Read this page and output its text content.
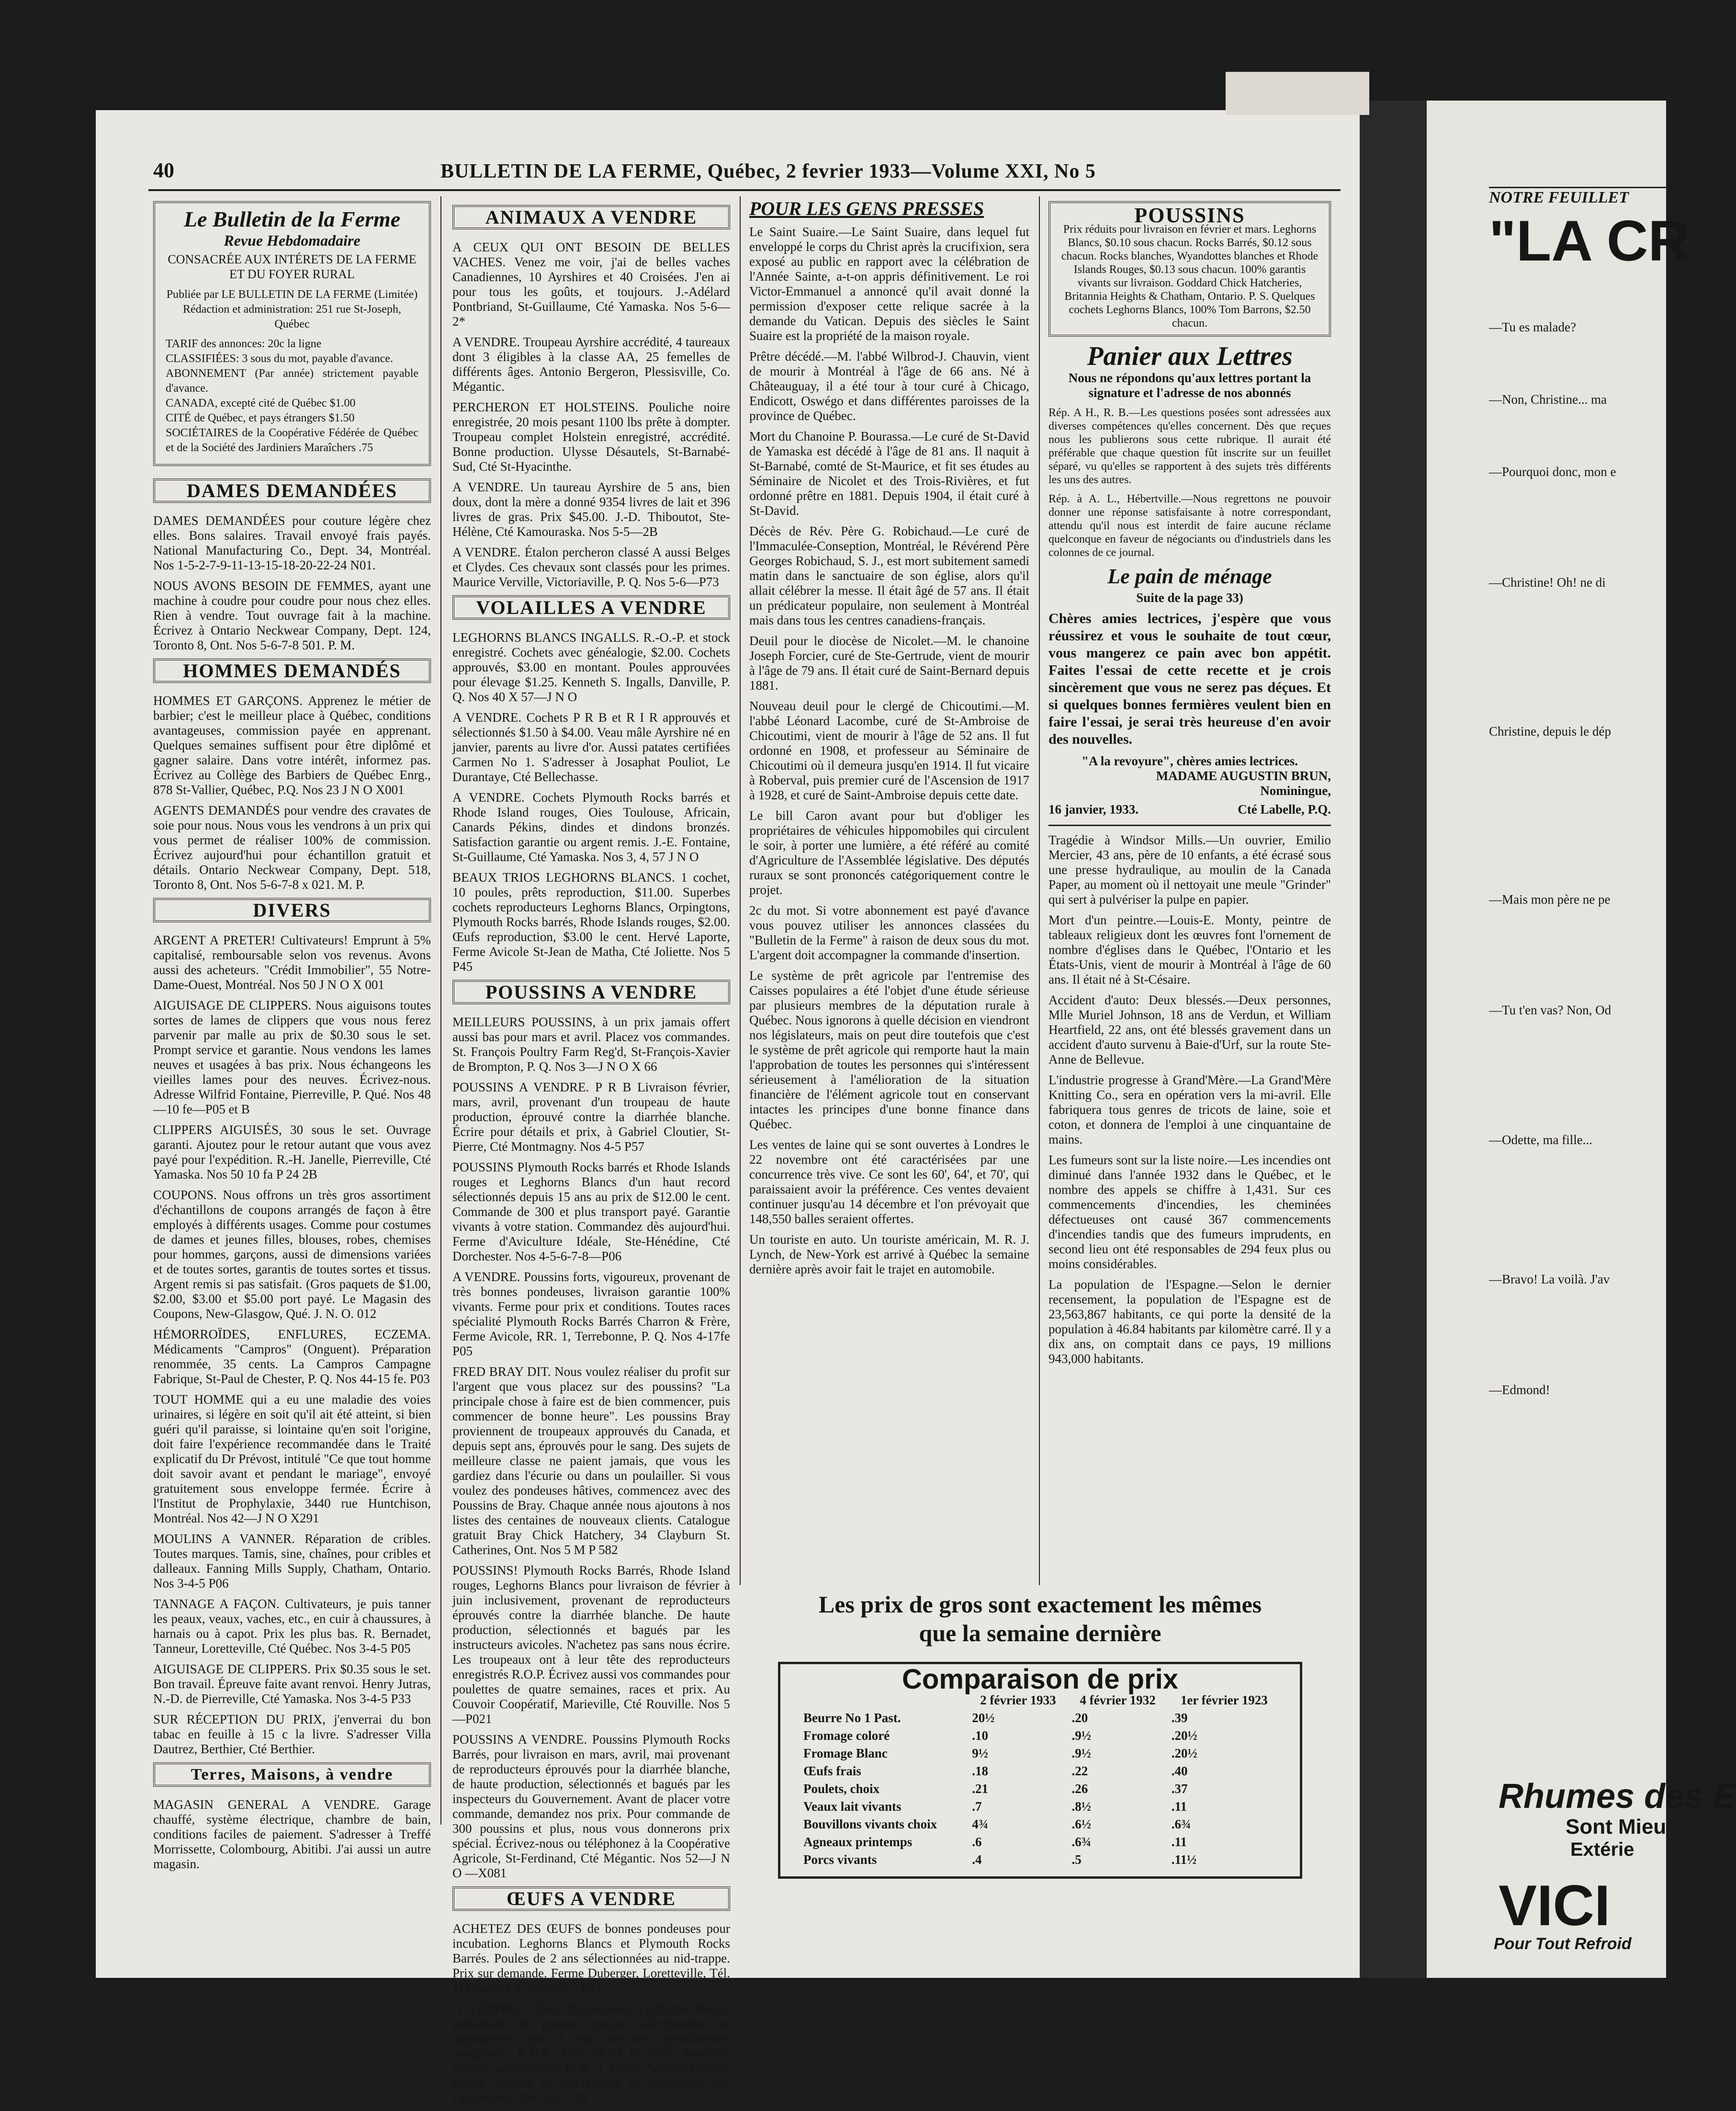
40	BULLETIN DE LA FERME, Québec, 2 fevrier 1933—Volume XXI, No 5
Le Bulletin de la Ferme
Revue Hebdomadaire
CONSACRÉE AUX INTÉRETS DE LA FERME ET DU FOYER RURAL
Publiée par LE BULLETIN DE LA FERME (Limitée) Rédaction et administration: 251 rue St-Joseph, Québec
TARIF des annonces: 20c la ligne
CLASSIFIÉES: 3 sous du mot, payable d'avance.
ABONNEMENT (Par année) strictement payable d'avance.
CANADA, excepté cité de Québec $1.00
CITÉ de Québec, et pays étrangers $1.50
SOCIÉTAIRES de la Coopérative Fédérée de Québec et de la Société des Jardiniers Maraîchers .75
DAMES DEMANDÉES

DAMES DEMANDÉES pour couture légère chez elles. Bons salaires. Travail envoyé frais payés. National Manufacturing Co., Dept. 34, Montréal. Nos 1-5-2-7-9-11-13-15-18-20-22-24 N01.

NOUS AVONS BESOIN DE FEMMES, ayant une machine à coudre pour coudre pour nous chez elles. Rien à vendre. Tout ouvrage fait à la machine. Écrivez à Ontario Neckwear Company, Dept. 124, Toronto 8, Ont. Nos 5-6-7-8 501. P. M.

HOMMES DEMANDÉS

HOMMES ET GARÇONS. Apprenez le métier de barbier; c'est le meilleur place à Québec, conditions avantageuses, commission payée en apprenant. Quelques semaines suffisent pour être diplômé et gagner salaire. Dans votre intérêt, informez pas. Écrivez au Collège des Barbiers de Québec Enrg., 878 St-Vallier, Québec, P.Q. Nos 23 J N O X001

AGENTS DEMANDÉS pour vendre des cravates de soie pour nous. Nous vous les vendrons à un prix qui vous permet de réaliser 100% de commission. Écrivez aujourd'hui pour échantillon gratuit et détails. Ontario Neckwear Company, Dept. 518, Toronto 8, Ont. Nos 5-6-7-8 x 021. M. P.

DIVERS

ARGENT A PRETER! Cultivateurs! Emprunt à 5% capitalisé, remboursable selon vos revenus. Avons aussi des acheteurs. "Crédit Immobilier", 55 Notre-Dame-Ouest, Montréal. Nos 50 J N O X 001

AIGUISAGE DE CLIPPERS. Nous aiguisons toutes sortes de lames de clippers que vous nous ferez parvenir par malle au prix de $0.30 sous le set. Prompt service et garantie. Nous vendons les lames neuves et usagées à bas prix. Nous échangeons les vieilles lames pour des neuves. Écrivez-nous. Adresse Wilfrid Fontaine, Pierreville, P. Qué. Nos 48—10 fe—P05 et B

CLIPPERS AIGUISÉS, 30 sous le set. Ouvrage garanti. Ajoutez pour le retour autant que vous avez payé pour l'expédition. R.-H. Janelle, Pierreville, Cté Yamaska. Nos 50 10 fa P 24 2B

COUPONS. Nous offrons un très gros assortiment d'échantillons de coupons arrangés de façon à être employés à différents usages. Comme pour costumes de dames et jeunes filles, blouses, robes, chemises pour hommes, garçons, aussi de dimensions variées et de toutes sortes, garantis de toutes sortes et tissus. Argent remis si pas satisfait. (Gros paquets de $1.00, $2.00, $3.00 et $5.00 port payé. Le Magasin des Coupons, New-Glasgow, Qué. J. N. O. 012

HÉMORROÏDES, ENFLURES, ECZEMA. Médicaments "Campros" (Onguent). Préparation renommée, 35 cents. La Campros Campagne Fabrique, St-Paul de Chester, P. Q. Nos 44-15 fe. P03

TOUT HOMME qui a eu une maladie des voies urinaires, si légère en soit qu'il ait été atteint, si bien guéri qu'il paraisse, si lointaine qu'en soit l'origine, doit faire l'expérience recommandée dans le Traité explicatif du Dr Prévost, intitulé "Ce que tout homme doit savoir avant et pendant le mariage", envoyé gratuitement sous enveloppe fermée. Écrire à l'Institut de Prophylaxie, 3440 rue Huntchison, Montréal. Nos 42—J N O X291

MOULINS A VANNER. Réparation de cribles. Toutes marques. Tamis, sine, chaînes, pour cribles et dalleaux. Fanning Mills Supply, Chatham, Ontario. Nos 3-4-5 P06

TANNAGE A FAÇON. Cultivateurs, je puis tanner les peaux, veaux, vaches, etc., en cuir à chaussures, à harnais ou à capot. Prix les plus bas. R. Bernadet, Tanneur, Loretteville, Cté Québec. Nos 3-4-5 P05

AIGUISAGE DE CLIPPERS. Prix $0.35 sous le set. Bon travail. Épreuve faite avant renvoi. Henry Jutras, N.-D. de Pierreville, Cté Yamaska. Nos 3-4-5 P33

SUR RÉCEPTION DU PRIX, j'enverrai du bon tabac en feuille à 15 c la livre. S'adresser Villa Dautrez, Berthier, Cté Berthier.

Terres, Maisons, à vendre

MAGASIN GENERAL A VENDRE. Garage chauffé, système électrique, chambre de bain, conditions faciles de paiement. S'adresser à Treffé Morrissette, Colombourg, Abitibi. J'ai aussi un autre magasin.

ANIMAUX A VENDRE

A CEUX QUI ONT BESOIN DE BELLES VACHES. Venez me voir, j'ai de belles vaches Canadiennes, 10 Ayrshires et 40 Croisées. J'en ai pour tous les goûts, et toujours. J.-Adélard Pontbriand, St-Guillaume, Cté Yamaska. Nos 5-6—2*

A VENDRE. Troupeau Ayrshire accrédité, 4 taureaux dont 3 éligibles à la classe AA, 25 femelles de différents âges. Antonio Bergeron, Plessisville, Co. Mégantic.

PERCHERON ET HOLSTEINS. Pouliche noire enregistrée, 20 mois pesant 1100 lbs prête à dompter. Troupeau complet Holstein enregistré, accrédité. Bonne production. Ulysse Désautels, St-Barnabé-Sud, Cté St-Hyacinthe.

A VENDRE. Un taureau Ayrshire de 5 ans, bien doux, dont la mère a donné 9354 livres de lait et 396 livres de gras. Prix $45.00. J.-D. Thiboutot, Ste-Hélène, Cté Kamouraska. Nos 5-5—2B

A VENDRE. Étalon percheron classé A aussi Belges et Clydes. Ces chevaux sont classés pour les primes. Maurice Verville, Victoriaville, P. Q. Nos 5-6—P73

VOLAILLES A VENDRE

LEGHORNS BLANCS INGALLS. R.-O.-P. et stock enregistré. Cochets avec généalogie, $2.00. Cochets approuvés, $3.00 en montant. Poules approuvées pour élevage $1.25. Kenneth S. Ingalls, Danville, P. Q. Nos 40 X 57—J N O

A VENDRE. Cochets P R B et R I R approuvés et sélectionnés $1.50 à $4.00. Veau mâle Ayrshire né en janvier, parents au livre d'or. Aussi patates certifiées Carmen No 1. S'adresser à Josaphat Pouliot, Le Durantaye, Cté Bellechasse.

A VENDRE. Cochets Plymouth Rocks barrés et Rhode Island rouges, Oies Toulouse, Africain, Canards Pékins, dindes et dindons bronzés. Satisfaction garantie ou argent remis. J.-E. Fontaine, St-Guillaume, Cté Yamaska. Nos 3, 4, 57 J N O

BEAUX TRIOS LEGHORNS BLANCS. 1 cochet, 10 poules, prêts reproduction, $11.00. Superbes cochets reproducteurs Leghorns Blancs, Orpingtons, Plymouth Rocks barrés, Rhode Islands rouges, $2.00. Œufs reproduction, $3.00 le cent. Hervé Laporte, Ferme Avicole St-Jean de Matha, Cté Joliette. Nos 5 P45

POUSSINS A VENDRE

MEILLEURS POUSSINS, à un prix jamais offert aussi bas pour mars et avril. Placez vos commandes. St. François Poultry Farm Reg'd, St-François-Xavier de Brompton, P. Q. Nos 3—J N O X 66

POUSSINS A VENDRE. P R B Livraison février, mars, avril, provenant d'un troupeau de haute production, éprouvé contre la diarrhée blanche. Écrire pour détails et prix, à Gabriel Cloutier, St-Pierre, Cté Montmagny. Nos 4-5 P57

POUSSINS Plymouth Rocks barrés et Rhode Islands rouges et Leghorns Blancs d'un haut record sélectionnés depuis 15 ans au prix de $12.00 le cent. Commande de 300 et plus transport payé. Garantie vivants à votre station. Commandez dès aujourd'hui. Ferme d'Aviculture Idéale, Ste-Hénédine, Cté Dorchester. Nos 4-5-6-7-8—P06

A VENDRE. Poussins forts, vigoureux, provenant de très bonnes pondeuses, livraison garantie 100% vivants. Ferme pour prix et conditions. Toutes races spécialité Plymouth Rocks Barrés Charron & Frère, Ferme Avicole, RR. 1, Terrebonne, P. Q. Nos 4-17fe P05

FRED BRAY DIT. Nous voulez réaliser du profit sur l'argent que vous placez sur des poussins? "La principale chose à faire est de bien commencer, puis commencer de bonne heure". Les poussins Bray proviennent de troupeaux approuvés du Canada, et depuis sept ans, éprouvés pour le sang. Des sujets de meilleure classe ne paient jamais, que vous les gardiez dans l'écurie ou dans un poulailler. Si vous voulez des pondeuses hâtives, commencez avec des Poussins de Bray. Chaque année nous ajoutons à nos listes des centaines de nouveaux clients. Catalogue gratuit Bray Chick Hatchery, 34 Clayburn St. Catherines, Ont. Nos 5 M P 582

POUSSINS! Plymouth Rocks Barrés, Rhode Island rouges, Leghorns Blancs pour livraison de février à juin inclusivement, provenant de reproducteurs éprouvés contre la diarrhée blanche. De haute production, sélectionnés et bagués par les instructeurs avicoles. N'achetez pas sans nous écrire. Les troupeaux ont à leur tête des reproducteurs enregistrés R.O.P. Écrivez aussi vos commandes pour poulettes de quatre semaines, races et prix. Au Couvoir Coopératif, Marieville, Cté Rouville. Nos 5—P021

POUSSINS A VENDRE. Poussins Plymouth Rocks Barrés, pour livraison en mars, avril, mai provenant de reproducteurs éprouvés pour la diarrhée blanche, de haute production, sélectionnés et bagués par les inspecteurs du Gouvernement. Avant de placer votre commande, demandez nos prix. Pour commande de 300 poussins et plus, nous vous donnerons prix spécial. Écrivez-nous ou téléphonez à la Coopérative Agricole, St-Ferdinand, Cté Mégantic. Nos 52—J N O —X081

ŒUFS A VENDRE

ACHETEZ DES ŒUFS de bonnes pondeuses pour incubation. Leghorns Blancs et Plymouth Rocks Barrés. Poules de 2 ans sélectionnées au nid-trappe. Prix sur demande. Ferme Duberger, Loretteville, Tél. 117 sonnez 3. Nos 4-5—P05

A VENDRE. Œufs d'incubation Leghorns Blancs provenant de grosses poules sélectionnées et approuvées ayant à leur tête des reproducteurs enregistrés R.O.P. Prix $3.00 le cent. Superbes cochets sélectionnés P. R. à $2.00. Anaclet Leclair, Ferme Avicole de St-Germain de Grantham, Cté Drummond. Nos 5-6—2B

POUR LES GENS PRESSES

Le Saint Suaire.—Le Saint Suaire, dans lequel fut enveloppé le corps du Christ après la crucifixion, sera exposé au public en rapport avec la célébration de l'Année Sainte, a-t-on appris définitivement. Le roi Victor-Emmanuel a annoncé qu'il avait donné la permission d'exposer cette relique sacrée à la demande du Vatican. Depuis des siècles le Saint Suaire est la propriété de la maison royale.

Prêtre décédé.—M. l'abbé Wilbrod-J. Chauvin, vient de mourir à Montréal à l'âge de 66 ans. Né à Châteauguay, il a été tour à tour curé à Chicago, Endicott, Oswégo et dans différentes paroisses de la province de Québec.

Mort du Chanoine P. Bourassa.—Le curé de St-David de Yamaska est décédé à l'âge de 81 ans. Il naquit à St-Barnabé, comté de St-Maurice, et fit ses études au Séminaire de Nicolet et des Trois-Rivières, et fut ordonné prêtre en 1881. Depuis 1904, il était curé à St-David.

Décès de Rév. Père G. Robichaud.—Le curé de l'Immaculée-Conseption, Montréal, le Révérend Père Georges Robichaud, S. J., est mort subitement samedi matin dans le sanctuaire de son église, alors qu'il allait célébrer la messe. Il était âgé de 57 ans. Il était un prédicateur populaire, non seulement à Montréal mais dans tous les centres canadiens-français.

Deuil pour le diocèse de Nicolet.—M. le chanoine Joseph Forcier, curé de Ste-Gertrude, vient de mourir à l'âge de 79 ans. Il était curé de Saint-Bernard depuis 1881.

Nouveau deuil pour le clergé de Chicoutimi.—M. l'abbé Léonard Lacombe, curé de St-Ambroise de Chicoutimi, vient de mourir à l'âge de 52 ans. Il fut ordonné en 1908, et professeur au Séminaire de Chicoutimi où il demeura jusqu'en 1914. Il fut vicaire à Roberval, puis premier curé de l'Ascension de 1917 à 1928, et curé de Saint-Ambroise depuis cette date.

Le bill Caron avant pour but d'obliger les propriétaires de véhicules hippomobiles qui circulent le soir, à porter une lumière, a été référé au comité d'Agriculture de l'Assemblée législative. Des députés ruraux se sont prononcés catégoriquement contre le projet.

2c du mot. Si votre abonnement est payé d'avance vous pouvez utiliser les annonces classées du "Bulletin de la Ferme" à raison de deux sous du mot. L'argent doit accompagner la commande d'insertion.

Le système de prêt agricole par l'entremise des Caisses populaires a été l'objet d'une étude sérieuse par plusieurs membres de la députation rurale à Québec. Nous ignorons à quelle décision en viendront nos législateurs, mais on peut dire toutefois que c'est le système de prêt agricole qui remporte haut la main l'approbation de toutes les personnes qui s'intéressent sérieusement à l'amélioration de la situation financière de l'élément agricole tout en conservant intactes les principes d'une bonne finance dans Québec.

Les ventes de laine qui se sont ouvertes à Londres le 22 novembre ont été caractérisées par une concurrence très vive. Ce sont les 60', 64', et 70', qui paraissaient avoir la préférence. Ces ventes devaient continuer jusqu'au 14 décembre et l'on prévoyait que 148,550 balles seraient offertes.

Un touriste en auto. Un touriste américain, M. R. J. Lynch, de New-York est arrivé à Québec la semaine dernière après avoir fait le trajet en automobile.

POUSSINS
Prix réduits pour livraison en février et mars. Leghorns Blancs, $0.10 sous chacun. Rocks Barrés, $0.12 sous chacun. Rocks blanches, Wyandottes blanches et Rhode Islands Rouges, $0.13 sous chacun. 100% garantis vivants sur livraison. Goddard Chick Hatcheries, Britannia Heights & Chatham, Ontario. P. S. Quelques cochets Leghorns Blancs, 100% Tom Barrons, $2.50 chacun.
Panier aux Lettres

Nous ne répondons qu'aux lettres portant la signature et l'adresse de nos abonnés

Rép. A H., R. B.—Les questions posées sont adressées aux diverses compétences qu'elles concernent. Dès que reçues nous les publierons sous cette rubrique. Il aurait été préférable que chaque question fût inscrite sur un feuillet séparé, vu qu'elles se rapportent à des sujets très différents les uns des autres.

Rép. à A. L., Hébertville.—Nous regrettons ne pouvoir donner une réponse satisfaisante à notre correspondant, attendu qu'il nous est interdit de faire aucune réclame quelconque en faveur de négociants ou d'industriels dans les colonnes de ce journal.

Le pain de ménage
Suite de la page 33)

Chères amies lectrices, j'espère que vous réussirez et vous le souhaite de tout cœur, vous mangerez ce pain avec bon appétit. Faites l'essai de cette recette et je crois sincèrement que vous ne serez pas déçues. Et si quelques bonnes fermières veulent bien en faire l'essai, je serai très heureuse d'en avoir des nouvelles.

"A la revoyure", chères amies lectrices.

MADAME AUGUSTIN BRUN,

Nominingue,

16 janvier, 1933.	Cté Labelle, P.Q.

Tragédie à Windsor Mills.—Un ouvrier, Emilio Mercier, 43 ans, père de 10 enfants, a été écrasé sous une presse hydraulique, au moulin de la Canada Paper, au moment où il nettoyait une meule "Grinder" qui sert à pulvériser la pulpe en papier.

Mort d'un peintre.—Louis-E. Monty, peintre de tableaux religieux dont les œuvres font l'ornement de nombre d'églises dans le Québec, l'Ontario et les États-Unis, vient de mourir à Montréal à l'âge de 60 ans. Il était né à St-Césaire.

Accident d'auto: Deux blessés.—Deux personnes, Mlle Muriel Johnson, 18 ans de Verdun, et William Heartfield, 22 ans, ont été blessés gravement dans un accident d'auto survenu à Baie-d'Urf, sur la route Ste-Anne de Bellevue.

L'industrie progresse à Grand'Mère.—La Grand'Mère Knitting Co., sera en opération vers la mi-avril. Elle fabriquera tous genres de tricots de laine, soie et coton, et donnera de l'emploi à une cinquantaine de mains.

Les fumeurs sont sur la liste noire.—Les incendies ont diminué dans l'année 1932 dans le Québec, et le nombre des appels se chiffre à 1,431. Sur ces commencements d'incendies, les cheminées défectueuses ont causé 367 commencements d'incendies tandis que des fumeurs imprudents, en second lieu ont été responsables de 294 feux plus ou moins considérables.

La population de l'Espagne.—Selon le dernier recensement, la population de l'Espagne est de 23,563,867 habitants, ce qui porte la densité de la population à 46.84 habitants par kilomètre carré. Il y a dix ans, on comptait dans ce pays, 19 millions 943,000 habitants.

Les prix de gros sont exactement les mêmes
que la semaine dernière
Comparaison de prix
	2 février 1933	4 février 1932	1er février 1923
Beurre No 1 Past.	20½	.20	.39
Fromage coloré	.10	.9½	.20½
Fromage Blanc	9½	.9½	.20½
Œufs frais	.18	.22	.40
Poulets, choix	.21	.26	.37
Veaux lait vivants	.7	.8½	.11
Bouvillons vivants choix	4¾	.6½	.6¾
Agneaux printemps	.6	.6¾	.11
Porcs vivants	.4	.5	.11½
NOTRE FEUILLET
"LA CR

—Tu es malade?

—Non, Christine... ma

—Pourquoi donc, mon e

—Christine! Oh! ne di

Christine, depuis le dép

—Mais mon père ne pe

—Tu t'en vas? Non, Od

—Odette, ma fille...

—Bravo! La voilà. J'av

—Edmond!

Rhumes des E
Sont Mieu
Extérie
VICI
Pour Tout Refroid
